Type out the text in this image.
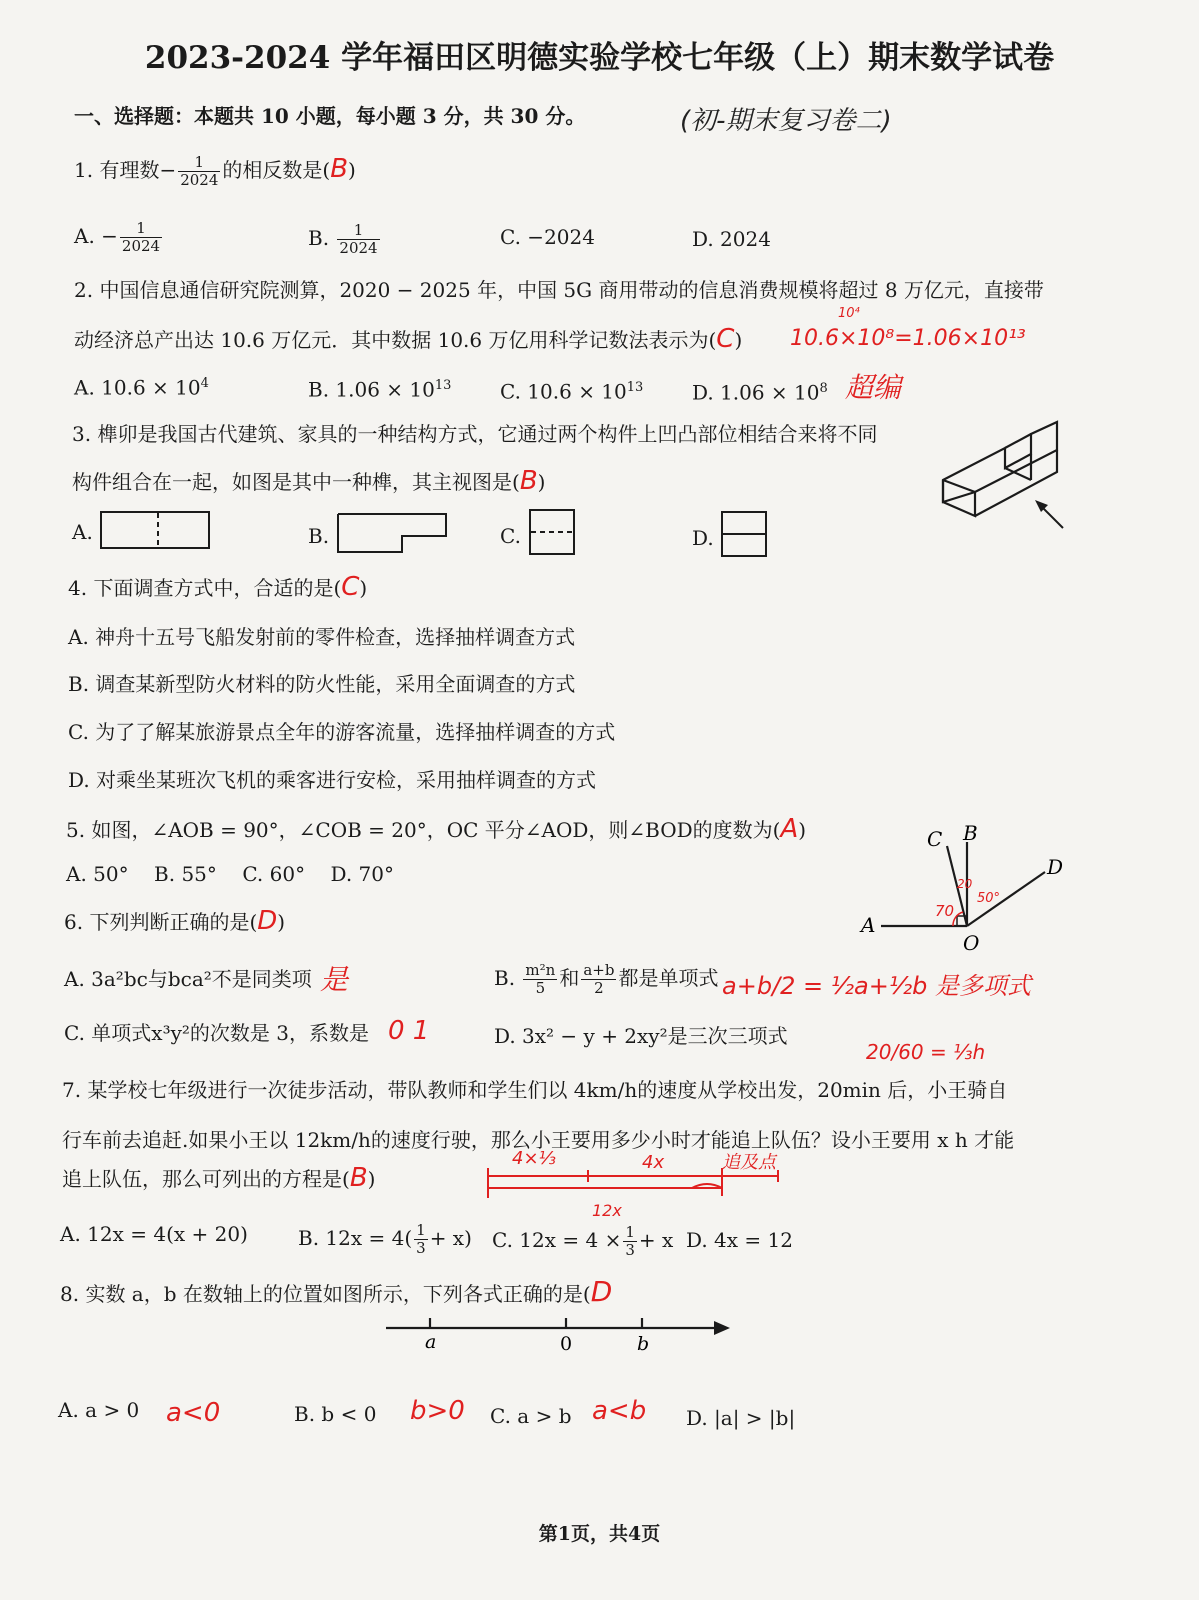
2023-2024 学年福田区明德实验学校七年级（上）期末数学试卷
一、选择题：本题共 10 小题，每小题 3 分，共 30 分。	(初-期末复习卷二)
1. 有理数− $\frac{1}{2024}$ 的相反数是(B)
A. − $\frac{1}{2024}$	B. $\frac{1}{2024}$	C. −2024	D. 2024
2. 中国信息通信研究院测算，2020 − 2025 年，中国 5G 商用带动的信息消费规模将超过 8 万亿元，直接带
动经济总产出达 10.6 万亿元．其中数据 10.6 万亿用科学记数法表示为(C) 10.6×10⁸=1.06×10¹³
10⁴
A. $10.6 \times 10^4$	B. $1.06 \times 10^{13}$ C. $10.6 \times 10^{13}$ D. $1.06 \times 10^8$ 超编
3. 榫卯是我国古代建筑、家具的一种结构方式，它通过两个构件上凹凸部位相结合来将不同
构件组合在一起，如图是其中一种榫，其主视图是(B)
A.	B.	C.	D.
4. 下面调查方式中，合适的是(C)
A. 神舟十五号飞船发射前的零件检查，选择抽样调查方式
B. 调查某新型防火材料的防火性能，采用全面调查的方式
C. 为了了解某旅游景点全年的游客流量，选择抽样调查的方式
D. 对乘坐某班次飞机的乘客进行安检，采用抽样调查的方式
5. 如图，∠AOB = 90°，∠COB = 20°，OC 平分∠AOD，则∠BOD的度数为(A)
A. 50°    B. 55°    C. 60°    D. 70°
A
O
B
C
D
20
50°
70
6. 下列判断正确的是(D)
A. 3a²bc与bca²不是同类项 是	B. $\frac{\text{m²n}}{5}$ 和 $\frac{a+b}{2}$ 都是单项式 a+b/2 = ½a+½b 是多项式
C. 单项式x³y²的次数是 3，系数是 0 1	D. 3x² − y + 2xy²是三次三项式
20/60 = ⅓h
7. 某学校七年级进行一次徒步活动，带队教师和学生们以 4km/h的速度从学校出发，20min 后，小王骑自
行车前去追赶.如果小王以 12km/h的速度行驶，那么小王要用多少小时才能追上队伍？设小王要用 x h 才能
追上队伍，那么可列出的方程是(B)
4×⅓	4x	追及点
12x
A. 12x = 4(x + 20)	B. $12x = 4( \frac{1}{3} + x)$ C. $12x = 4 \times \frac{1}{3} + x$ D. 4x = 12
8. 实数 a，b 在数轴上的位置如图所示，下列各式正确的是(D
a	0	b
A. a > 0 a<0	B. b < 0 b>0 C. a > b a<b D. |a| > |b|
第1页，共4页
